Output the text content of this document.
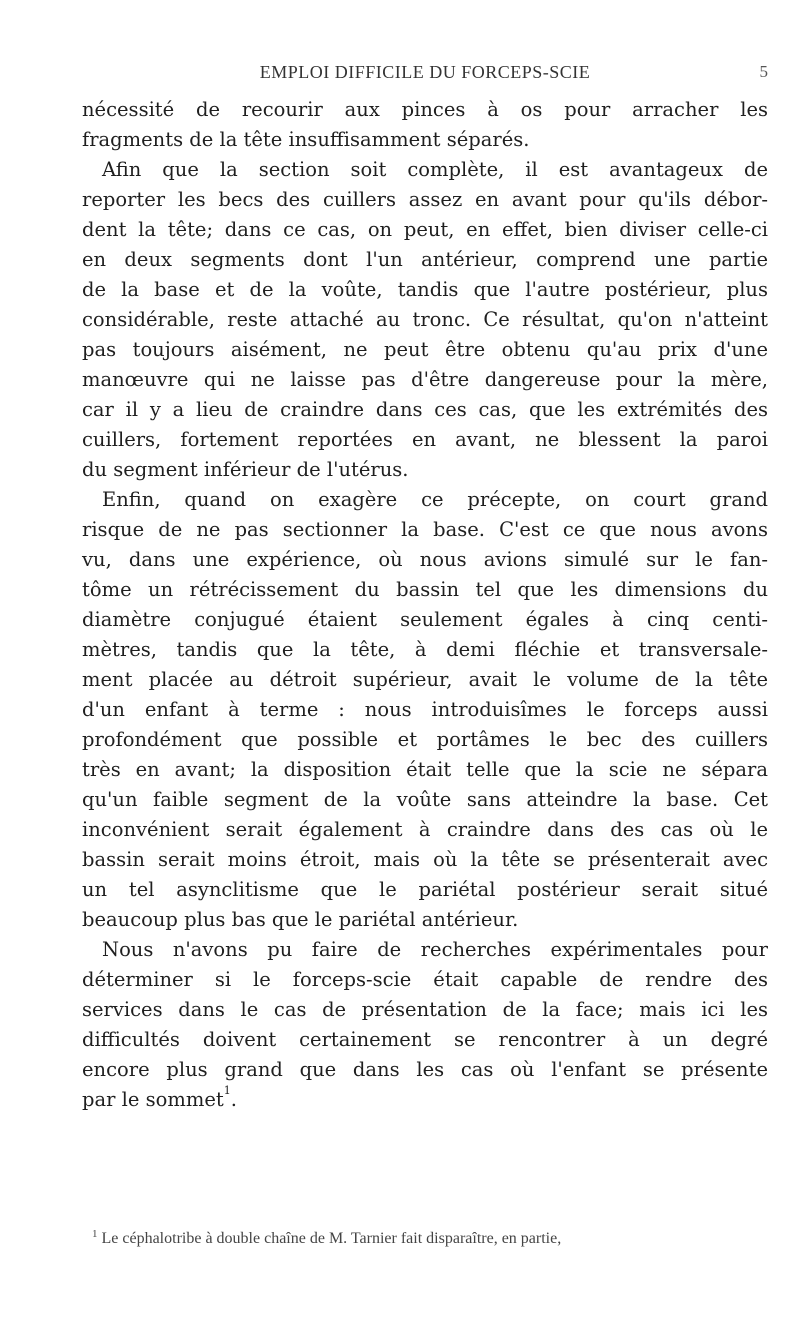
EMPLOI DIFFICILE DU FORCEPS-SCIE	5
nécessité de recourir aux pinces à os pour arracher les
fragments de la tête insuffisamment séparés.
Afin que la section soit complète, il est avantageux de
reporter les becs des cuillers assez en avant pour qu'ils débor-
dent la tête; dans ce cas, on peut, en effet, bien diviser celle-ci
en deux segments dont l'un antérieur, comprend une partie
de la base et de la voûte, tandis que l'autre postérieur, plus
considérable, reste attaché au tronc. Ce résultat, qu'on n'atteint
pas toujours aisément, ne peut être obtenu qu'au prix d'une
manœuvre qui ne laisse pas d'être dangereuse pour la mère,
car il y a lieu de craindre dans ces cas, que les extrémités des
cuillers, fortement reportées en avant, ne blessent la paroi
du segment inférieur de l'utérus.
Enfin, quand on exagère ce précepte, on court grand
risque de ne pas sectionner la base. C'est ce que nous avons
vu, dans une expérience, où nous avions simulé sur le fan-
tôme un rétrécissement du bassin tel que les dimensions du
diamètre conjugué étaient seulement égales à cinq centi-
mètres, tandis que la tête, à demi fléchie et transversale-
ment placée au détroit supérieur, avait le volume de la tête
d'un enfant à terme : nous introduisîmes le forceps aussi
profondément que possible et portâmes le bec des cuillers
très en avant; la disposition était telle que la scie ne sépara
qu'un faible segment de la voûte sans atteindre la base. Cet
inconvénient serait également à craindre dans des cas où le
bassin serait moins étroit, mais où la tête se présenterait avec
un tel asynclitisme que le pariétal postérieur serait situé
beaucoup plus bas que le pariétal antérieur.
Nous n'avons pu faire de recherches expérimentales pour
déterminer si le forceps-scie était capable de rendre des
services dans le cas de présentation de la face; mais ici les
difficultés doivent certainement se rencontrer à un degré
encore plus grand que dans les cas où l'enfant se présente
par le sommet$^1$.
$^1$ Le céphalotribe à double chaîne de M. Tarnier fait disparaître, en partie,
